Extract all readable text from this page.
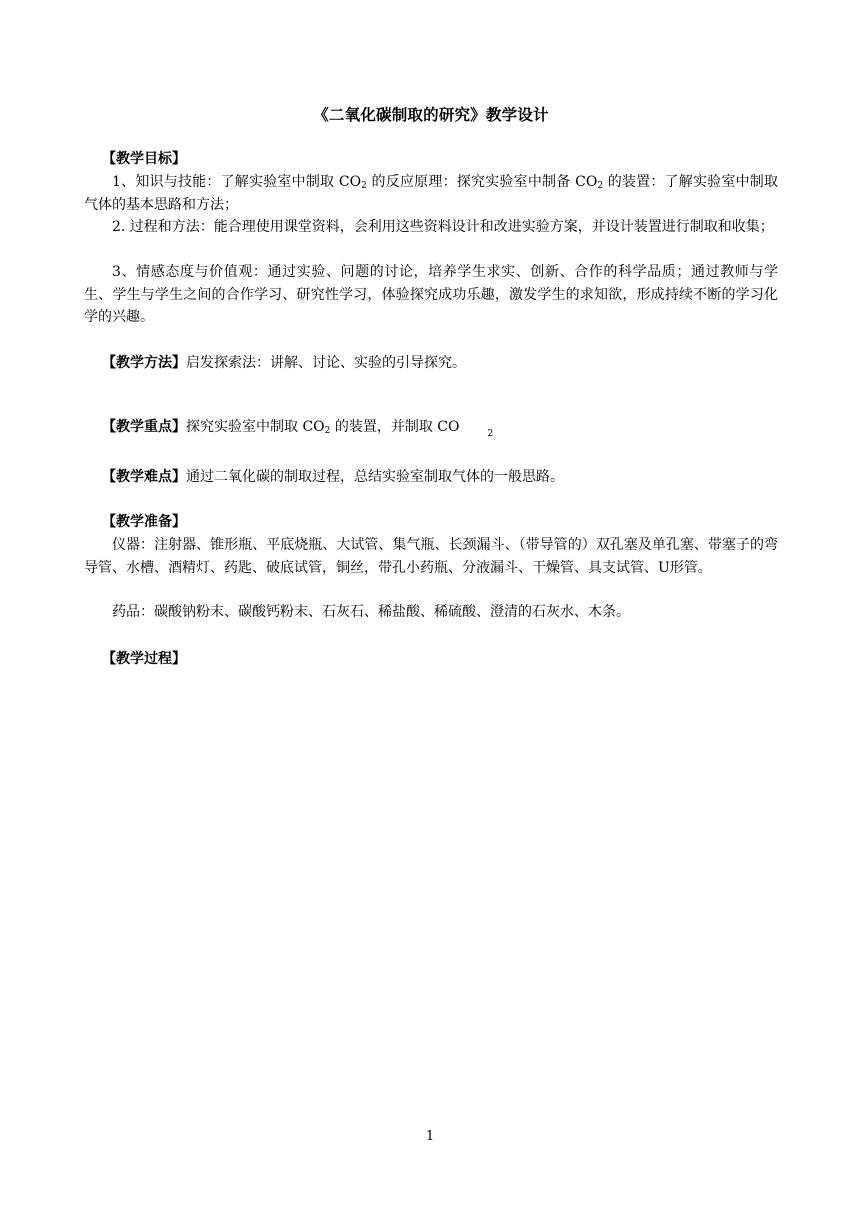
《二氧化碳制取的研究》教学设计
【教学目标】
1、知识与技能：了解实验室中制取 $CO_2$ 的反应原理：探究实验室中制备 $CO_2$ 的装置：了解实验室中制取气体的基本思路和方法；
2. 过程和方法：能合理使用课堂资料，会利用这些资料设计和改进实验方案，并设计装置进行制取和收集；
3、情感态度与价值观：通过实验、问题的讨论，培养学生求实、创新、合作的科学品质；通过教师与学生、学生与学生之间的合作学习、研究性学习，体验探究成功乐趣，激发学生的求知欲，形成持续不断的学习化学的兴趣。
【教学方法】启发探索法：讲解、讨论、实验的引导探究。
【教学重点】探究实验室中制取 $CO_2$ 的装置，并制取 CO	2
【教学难点】通过二氧化碳的制取过程，总结实验室制取气体的一般思路。
【教学准备】
仪器：注射器、锥形瓶、平底烧瓶、大试管、集气瓶、长颈漏斗、（带导管的）双孔塞及单孔塞、带塞子的弯导管、水槽、酒精灯、药匙、破底试管，铜丝，带孔小药瓶、分液漏斗、干燥管、具支试管、U形管。
药品：碳酸钠粉末、碳酸钙粉末、石灰石、稀盐酸、稀硫酸、澄清的石灰水、木条。
【教学过程】
1
